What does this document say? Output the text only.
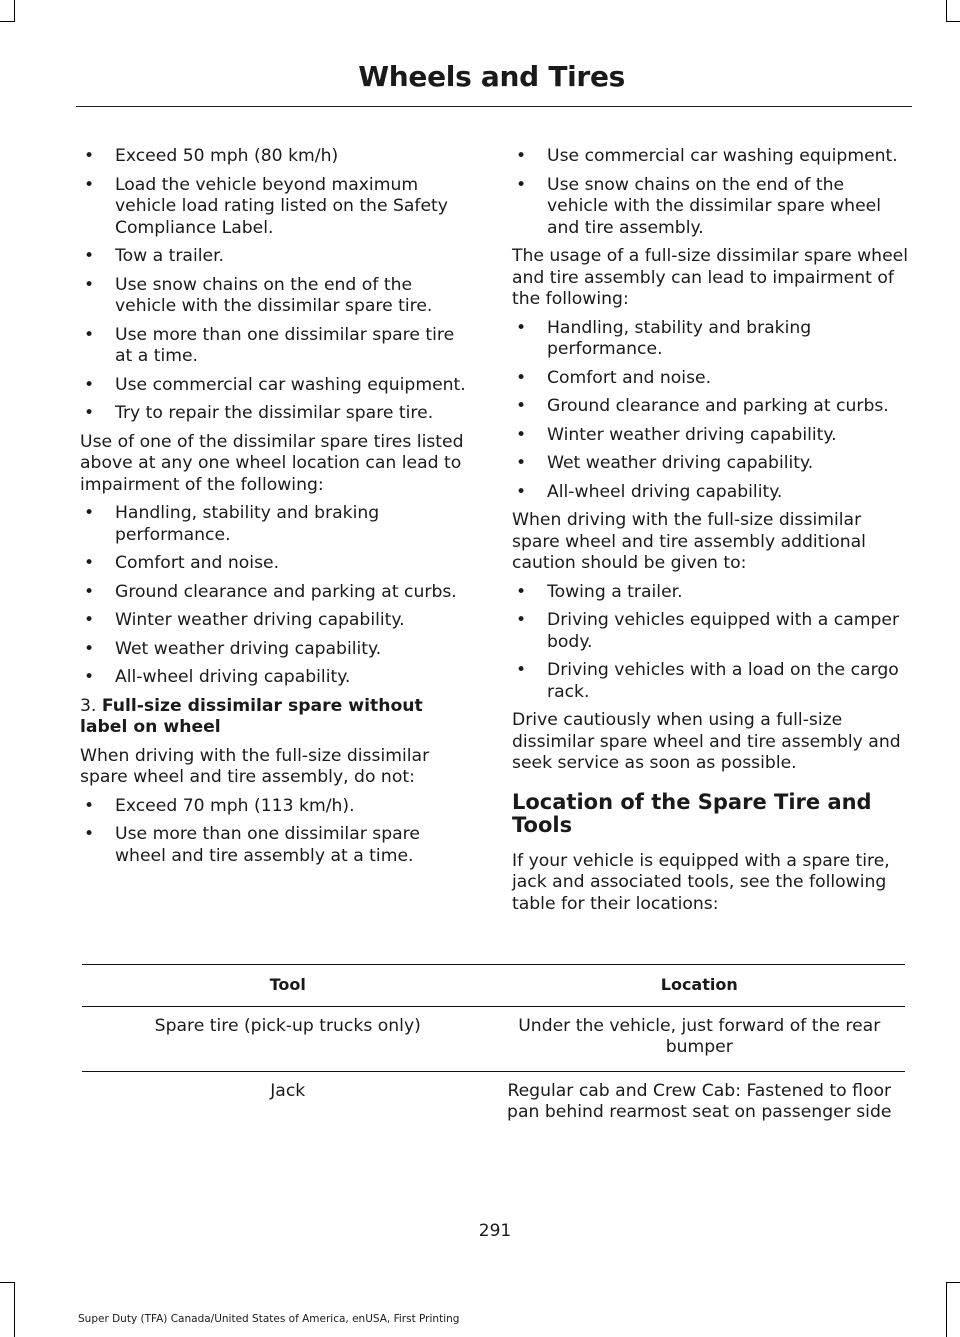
Wheels and Tires
• Exceed 50 mph (80 km/h)
• Load the vehicle beyond maximum vehicle load rating listed on the Safety Compliance Label.
• Tow a trailer.
• Use snow chains on the end of the vehicle with the dissimilar spare tire.
• Use more than one dissimilar spare tire at a time.
• Use commercial car washing equipment.
• Try to repair the dissimilar spare tire.

Use of one of the dissimilar spare tires listed above at any one wheel location can lead to impairment of the following:

• Handling, stability and braking performance.
• Comfort and noise.
• Ground clearance and parking at curbs.
• Winter weather driving capability.
• Wet weather driving capability.
• All-wheel driving capability.

3. Full-size dissimilar spare without label on wheel

When driving with the full-size dissimilar spare wheel and tire assembly, do not:

• Exceed 70 mph (113 km/h).
• Use more than one dissimilar spare wheel and tire assembly at a time.
• Use commercial car washing equipment.
• Use snow chains on the end of the vehicle with the dissimilar spare wheel and tire assembly.

The usage of a full-size dissimilar spare wheel and tire assembly can lead to impairment of the following:

• Handling, stability and braking performance.
• Comfort and noise.
• Ground clearance and parking at curbs.
• Winter weather driving capability.
• Wet weather driving capability.
• All-wheel driving capability.

When driving with the full-size dissimilar spare wheel and tire assembly additional caution should be given to:

• Towing a trailer.
• Driving vehicles equipped with a camper body.
• Driving vehicles with a load on the cargo rack.

Drive cautiously when using a full-size dissimilar spare wheel and tire assembly and seek service as soon as possible.

Location of the Spare Tire and Tools

If your vehicle is equipped with a spare tire, jack and associated tools, see the following table for their locations:

Tool	Location
Spare tire (pick-up trucks only)	Under the vehicle, just forward of the rear bumper
Jack	Regular cab and Crew Cab: Fastened to floor pan behind rearmost seat on passenger side
291
Super Duty (TFA) Canada/United States of America, enUSA, First Printing
